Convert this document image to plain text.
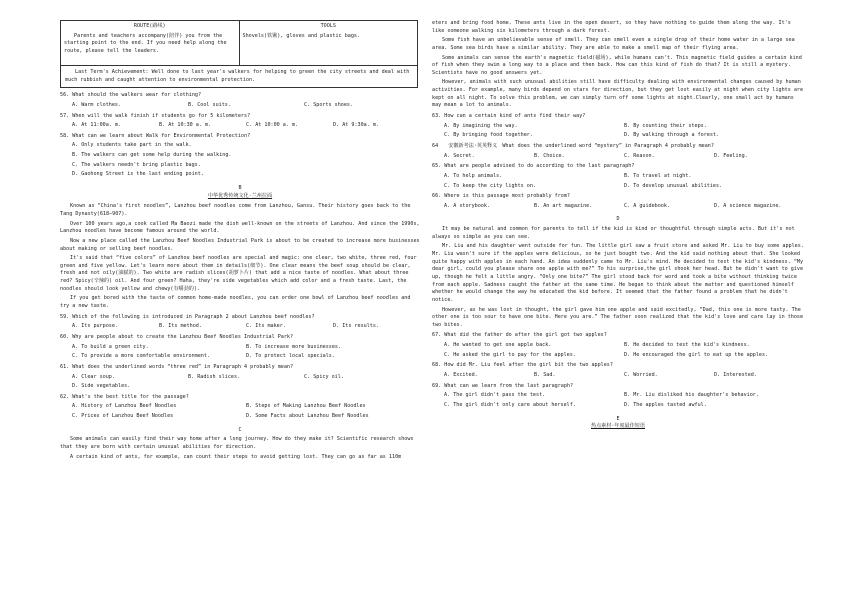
ROUTE(路线)

Parents and teachers accompany(陪伴) you from the starting point to the end. If you need help along the route, please tell the leaders.

TOOLS

Shovels(铁锹), gloves and plastic bags.

Last Term's Achievement: Well done to last year's walkers for helping to green the city streets and deal with much rubbish and caught attention to environmental protection.

56. What should the walkers wear for clothing?

A. Warm clothes.	B. Cool suits.	C. Sports shoes.

57. When will the walk finish if students go for 5 kilometers?

A. At 11:00a. m.	B. At 10:30 a. m.	C. At 10:00 a. m.	D. At 9:30a. m.

58. What can we learn about Walk for Environmental Protection?

A. Only students take part in the walk.

B. The walkers can get some help during the walking.

C. The walkers needn't bring plastic bags.

D. Gaohong Street is the last ending point.

B

中华优秀传统文化·兰州拉面

Known as “China's first noodles”, Lanzhou beef noodles come from Lanzhou, Gansu. Their history goes back to the Tang Dynasty(618—907).

Over 100 years ago,a cook called Ma Baozi made the dish well-known on the streets of Lanzhou. And since the 1990s, Lanzhou noodles have become famous around the world.

Now a new place called the Lanzhou Beef Noodles Industrial Park is about to be created to increase more businesses about making or selling beef noodles.

It's said that “five colors” of Lanzhou beef noodles are special and magic: one clear, two white, three red, four green and five yellow. Let's learn more about them in details(细节). One clear means the beef soup should be clear, fresh and not oily(油腻的). Two white are radish slices(胡萝卜片) that add a nice taste of noodles. What about three red? Spicy(辛辣的) oil. And four green? Haha, they're side vegetables which add color and a fresh taste. Last, the noodles should look yellow and chewy(有嚼劲的).

If you get bored with the taste of common home-made noodles, you can order one bowl of Lanzhou beef noodles and try a new taste.

59. Which of the following is introduced in Paragraph 2 about Lanzhou beef noodles?

A. Its purpose.	B. Its method.	C. Its maker.	D. Its results.

60. Why are people about to create the Lanzhou Beef Noodles Industrial Park?

A. To build a green city.	B. To increase more businesses.
C. To provide a more comfortable environment.	D. To protect local specials.

61. What does the underlined words “three red” in Paragraph 4 probably mean?

A. Clear soup.	B. Radish slices.	C. Spicy oil.

D. Side vegetables.

62. What's the best title for the passage?

A. History of Lanzhou Beef Noodles	B. Steps of Making Lanzhou Beef Noodles
C. Prices of Lanzhou Beef Noodles	D. Some Facts about Lanzhou Beef Noodles

C

Some animals can easily find their way home after a long journey. How do they make it? Scientific research shows that they are born with certain unusual abilities for direction.

A certain kind of ants, for example, can count their steps to avoid getting lost. They can go as far as 110m

eters and bring food home. These ants live in the open desert, so they have nothing to guide them along the way. It's like someone walking six kilometers through a dark forest.

Some fish have an unbelievable sense of smell. They can smell even a single drop of their home water in a large sea area. Some sea birds have a similar ability. They are able to make a smell map of their flying area.

Some animals can sense the earth's magnetic field(磁场), while humans can't. This magnetic field guides a certain kind of fish when they swim a long way to a place and then back. How can this kind of fish do that? It is still a mystery. Scientists have no good answers yet.

However, animals with such unusual abilities still have difficulty dealing with environmental changes caused by human activities. For example, many birds depend on stars for direction, but they get lost easily at night when city lights are kept on all night. To solve this problem, we can simply turn off some lights at night.Clearly, one small act by humans may mean a lot to animals.

63. How can a certain kind of ants find their way?

A. By imagining the way.	B. By counting their steps.
C. By bringing food together.	D. By walking through a forest.

64　　安徽新考法·英英释义　What does the underlined word “mystery” in Paragraph 4 probably mean?

A. Secret.	B. Choice.	C. Reason.	D. Feeling.

65. What are people advised to do according to the last paragraph?

A. To help animals.	B. To travel at night.
C. To keep the city lights on.	D. To develop unusual abilities.

66. Where is this passage most probably from?

A. A storybook.	B. An art magazine.	C. A guidebook.	D. A science magazine.

D

It may be natural and common for parents to tell if the kid is kind or thoughtful through simple acts. But it's not always so simple as you can see.

Mr. Liu and his daughter went outside for fun. The little girl saw a fruit store and asked Mr. Liu to buy some apples. Mr. Liu wasn't sure if the apples were delicious, so he just bought two. And the kid said nothing about that. She looked quite happy with apples in each hand. An idea suddenly came to Mr. Liu's mind. He decided to test the kid's kindness. “My dear girl, could you please share one apple with me?” To his surprise,the girl shook her head. But he didn't want to give up, though he felt a little angry. “Only one bite?” The girl stood back for word and took a bite without thinking twice from each apple. Sadness caught the father at the same time. He began to think about the matter and questioned himself whether he would change the way he educated the kid before. It seemed that the father found a problem that he didn't notice.

However, as he was lost in thought, the girl gave him one apple and said excitedly, “Dad, this one is more tasty. The other one is too sour to have one bite. Here you are.” The father soon realized that the kid's love and care lay in those two bites.

67. What did the father do after the girl got two apples?

A. He wanted to get one apple back.	B. He decided to test the kid's kindness.
C. He asked the girl to pay for the apples.	D. He encouraged the girl to eat up the apples.

68. How did Mr. Liu feel after the girl bit the two apples?

A. Excited.	B. Sad.	C. Worried.	D. Interested.

69. What can we learn from the last paragraph?

A. The girl didn't pass the test.	B. Mr. Liu disliked his daughter's behavior.
C. The girl didn't only care about herself.	D. The apples tasted awful.

E

热点素材·年度最佳短语
